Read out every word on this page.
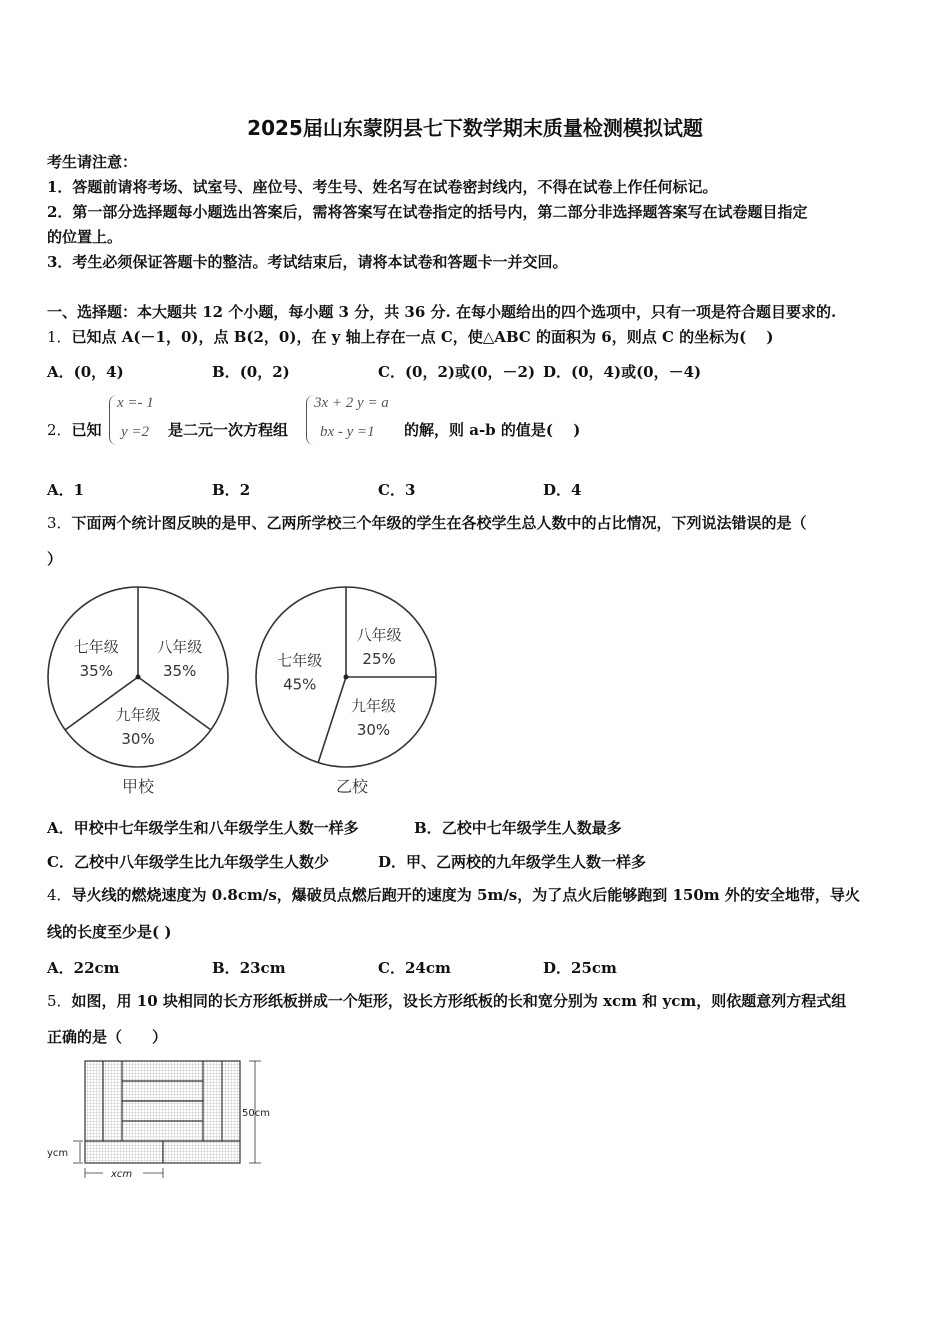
2025届山东蒙阴县七下数学期末质量检测模拟试题
考生请注意：
1．答题前请将考场、试室号、座位号、考生号、姓名写在试卷密封线内，不得在试卷上作任何标记。
2．第一部分选择题每小题选出答案后，需将答案写在试卷指定的括号内，第二部分非选择题答案写在试卷题目指定
的位置上。
3．考生必须保证答题卡的整洁。考试结束后，请将本试卷和答题卡一并交回。
一、选择题：本大题共 12 个小题，每小题 3 分，共 36 分. 在每小题给出的四个选项中，只有一项是符合题目要求的.
1．已知点 A(－1，0)，点 B(2，0)，在 y 轴上存在一点 C，使△ABC 的面积为 6，则点 C 的坐标为(　 )
A．(0，4)	B．(0，2)	C．(0，2)或(0，－2) D．(0，4)或(0，－4)
2．已知
x =- 1
y =2 是二元一次方程组
3x + 2 y = a
bx - y =1 的解，则 a-b 的值是(　 )
A．1	B．2	C．3	D．4
3．下面两个统计图反映的是甲、乙两所学校三个年级的学生在各校学生总人数中的占比情况，下列说法错误的是（
）
七年级
35%
八年级
35%
九年级
30%
甲校
七年级
45%
八年级
25%
九年级
30%
乙校
A．甲校中七年级学生和八年级学生人数一样多	B．乙校中七年级学生人数最多
C．乙校中八年级学生比九年级学生人数少	D．甲、乙两校的九年级学生人数一样多
4．导火线的燃烧速度为 0.8cm/s，爆破员点燃后跑开的速度为 5m/s，为了点火后能够跑到 150m 外的安全地带，导火
线的长度至少是( )
A．22cm	B．23cm	C．24cm	D．25cm
5．如图，用 10 块相同的长方形纸板拼成一个矩形，设长方形纸板的长和宽分别为 xcm 和 ycm，则依题意列方程式组
正确的是（　　）
50cm
ycm
xcm
